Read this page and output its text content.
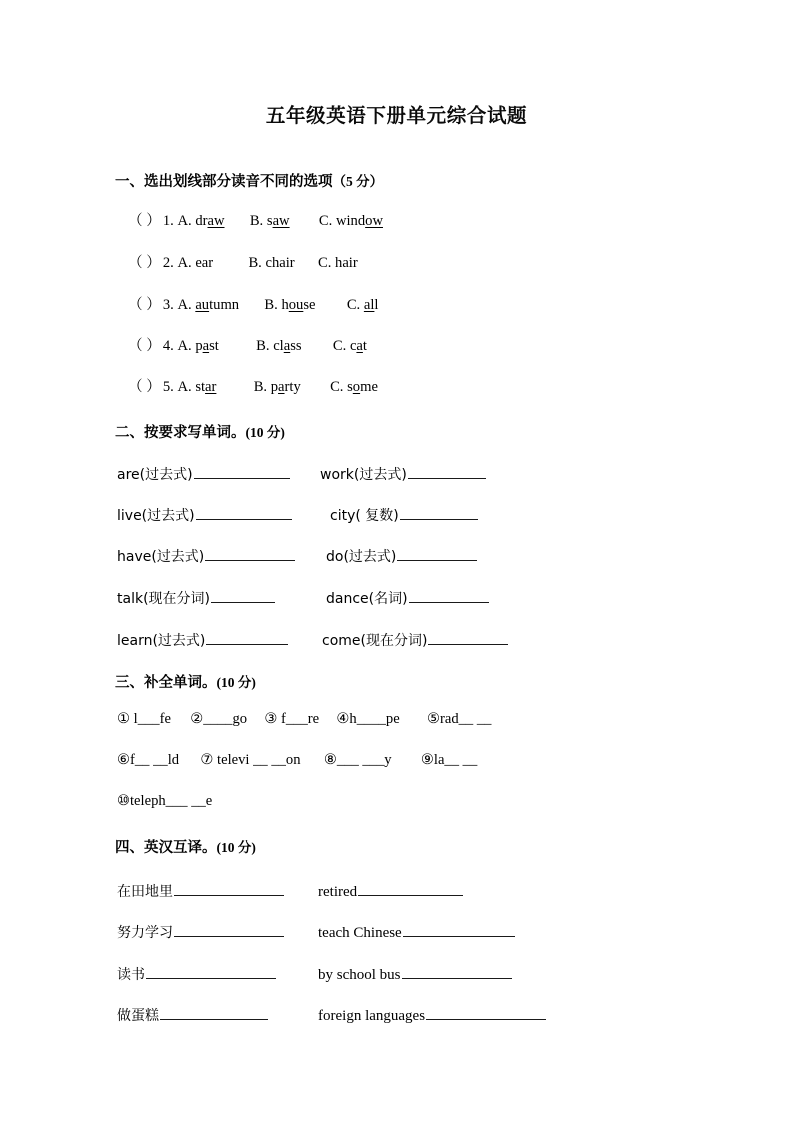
五年级英语下册单元综合试题
一、选出划线部分读音不同的选项（5 分）
（ ） 1. A. draw B. saw C. window
（ ） 2. A. ear B. chair C. hair
（ ） 3. A. autumn B. house C. all
（ ） 4. A. past	B. class C. cat
（ ） 5. A. star	B. party C. some
二、按要求写单词。(10 分)
are(过去式)	work(过去式)
live(过去式)	city( 复数)
have(过去式)	do(过去式)
talk(现在分词)	dance(名词)
learn(过去式)	come(现在分词)
三、补全单词。(10 分)
① l___fe ②____go ③ f___re ④h____pe ⑤rad__ __
⑥f__ __ld ⑦ televi __ __on ⑧___ ___y ⑨la__ __
⑩teleph___ __e
四、英汉互译。(10 分)
在田地里	retired
努力学习	teach Chinese
读书	by school bus
做蛋糕	foreign languages
